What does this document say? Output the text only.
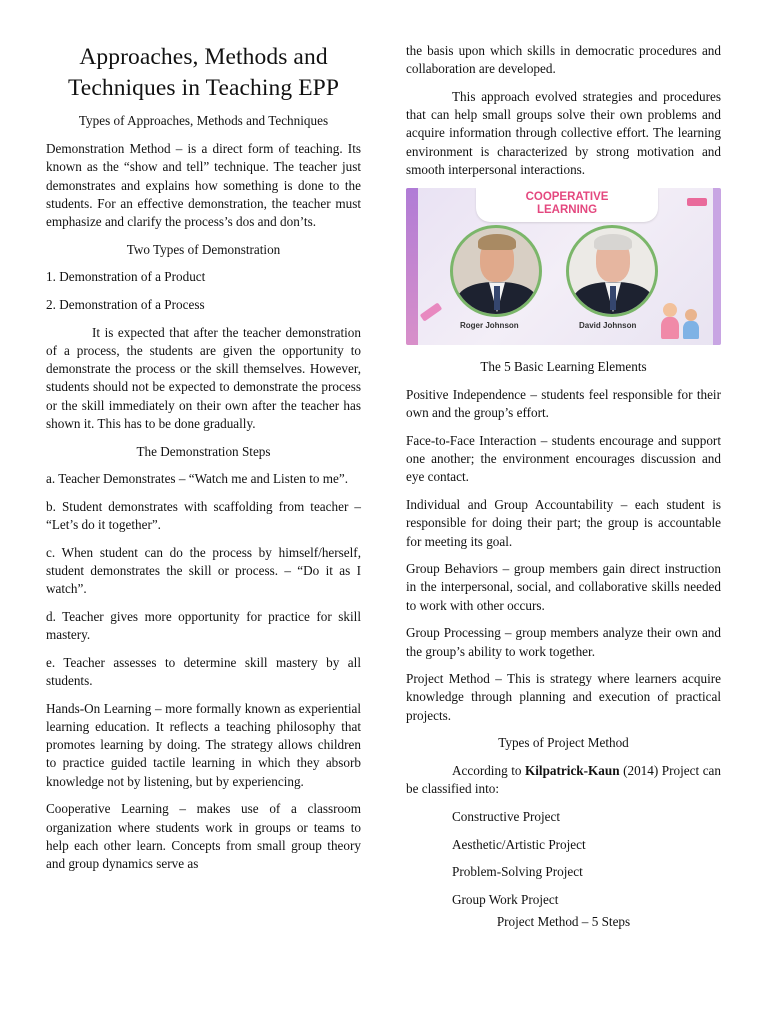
Approaches, Methods and Techniques in Teaching EPP

Types of Approaches, Methods and Techniques

Demonstration Method – is a direct form of teaching. Its known as the “show and tell” technique. The teacher just demonstrates and explains how something is done to the students. For an effective demonstration, the teacher must emphasize and clarify the process’s dos and don’ts.

Two Types of Demonstration

1. Demonstration of a Product

2. Demonstration of a Process

It is expected that after the teacher demonstration of a process, the students are given the opportunity to demonstrate the process or the skill themselves. However, students should not be expected to demonstrate the process or the skill immediately on their own after the teacher has shown it. This has to be done gradually.

The Demonstration Steps

a. Teacher Demonstrates – “Watch me and Listen to me”.

b. Student demonstrates with scaffolding from teacher – “Let’s do it together”.

c. When student can do the process by himself/herself, student demonstrates the skill or process. – “Do it as I watch”.

d. Teacher gives more opportunity for practice for skill mastery.

e. Teacher assesses to determine skill mastery by all students.

Hands-On Learning – more formally known as experiential learning education. It reflects a teaching philosophy that promotes learning by doing. The strategy allows children to practice guided tactile learning in which they absorb knowledge not by listening, but by experiencing.

Cooperative Learning – makes use of a classroom organization where students work in groups or teams to help each other learn. Concepts from small group theory and group dynamics serve as

the basis upon which skills in democratic procedures and collaboration are developed.

This approach evolved strategies and procedures that can help small groups solve their own problems and acquire information through collective effort. The learning environment is characterized by strong motivation and smooth interpersonal interactions.

COOPERATIVE
LEARNING
Roger Johnson	David Johnson

The 5 Basic Learning Elements

Positive Independence – students feel responsible for their own and the group’s effort.

Face-to-Face Interaction – students encourage and support one another; the environment encourages discussion and eye contact.

Individual and Group Accountability – each student is responsible for doing their part; the group is accountable for meeting its goal.

Group Behaviors – group members gain direct instruction in the interpersonal, social, and collaborative skills needed to work with other occurs.

Group Processing – group members analyze their own and the group’s ability to work together.

Project Method – This is strategy where learners acquire knowledge through planning and execution of practical projects.

Types of Project Method

According to Kilpatrick-Kaun (2014) Project can be classified into:

Constructive Project

Aesthetic/Artistic Project

Problem-Solving Project

Group Work Project

Project Method – 5 Steps
